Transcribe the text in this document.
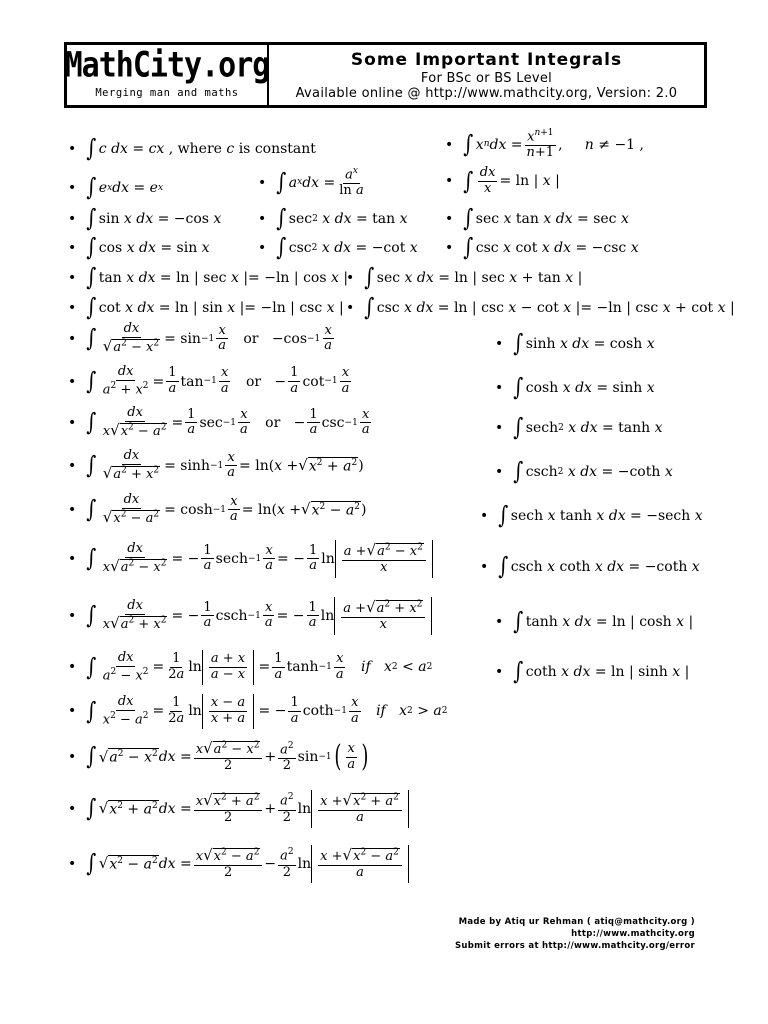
MathCity.org
Merging man and maths
Some Important Integrals
For BSc or BS Level
Available online @ http://www.mathcity.org, Version: 2.0
• ∫ c
dx = cx , where c is constant	• ∫ x n dx = $\frac{x^{n+1}}{n+1}$ , n ≠ −1 ,
• ∫ e x dx = e x	• ∫ a x dx = $\frac{a^x}{\text{ln a}}$	• ∫ $\frac{dx}{x} = \ln$ | x |
• ∫ sin x
dx = −cos x	• ∫ sec 2
x
dx = tan x	• ∫ sec x tan x
dx = sec x
• ∫ cos x
dx = sin x	• ∫ csc 2
x
dx = −cot x • ∫ csc x cot x
dx = −csc x
• ∫ tan x
dx = ln | sec x |= −ln | cos x |
• ∫ sec x
dx = ln | sec x + tan x |
• ∫ cot x
dx = ln | sin x |= −ln | csc x | • ∫ csc x
dx = ln | csc x − cot x |= −ln | csc x + cot x |
• ∫ $\frac{dx}{√a^2 - x^2} = \sin -1 \frac{x}{a}$ or   $-\cos -1 \frac{x}{a}$	• ∫ sinh x
dx = cosh x
• ∫ $\frac{dx}{a^2 + x^2} = \frac{1}{a}$ $\tan -1 \frac{x}{a}$ or   − $\frac{1}{a}$ $\cot -1 \frac{x}{a}$	• ∫ cosh x
dx = sinh x
• ∫ $\frac{dx}{x√x^2 - a^2} = \frac{1}{a}$ $\sec -1 \frac{x}{a}$ or   − $\frac{1}{a}$ $\csc -1 \frac{x}{a}$	• ∫ sech 2
x
dx = tanh x
• ∫ $\frac{dx}{√a^2 + x^2} = \sinh -1 \frac{x}{a} = \ln$( x + √ $x^2 + a^2$ )	• ∫ csch 2
x
dx = −coth x
• ∫ $\frac{dx}{√x^2 - a^2} = \cosh -1 \frac{x}{a} = \ln$( x + √ $x^2 - a^2$ )	• ∫ sech x tanh x
dx = −sech x
• ∫ $\frac{dx}{x√a^2 - x^2}$ = − $\frac{1}{a}$ $\sec h -1 \frac{x}{a}$ = − $\frac{1}{a}$ $\ln \frac{a +√a^2 - x^2}{x}$	• ∫ csch x coth x
dx = −coth x
• ∫ $\frac{dx}{x√a^2 + x^2}$ = − $\frac{1}{a}$ $\csc h -1 \frac{x}{a}$ = − $\frac{1}{a}$ $\ln \frac{a +√a^2 + x^2}{x}$	• ∫ tanh x
dx = ln | cosh x |
• ∫ $\frac{dx}{a^2 - x^2} = \frac{1}{2a}$ $\ln \frac{a + x}{a - x} = \frac{1}{a}$ $\tanh -1 \frac{x}{a}$
if
x 2 < a 2	• ∫ coth x
dx = ln | sinh x |
• ∫ $\frac{dx}{x^2 - a^2} = \frac{1}{2a}$ $\ln \frac{x - a}{x + a}$ = − $\frac{1}{a}$ $\cot h -1 \frac{x}{a}$
if
x 2 > a 2
• ∫ √ $a^2 - x^2$ dx = $\frac{x√a^2 - x^2}{2} + \frac{a^2}{2}$ sin −1 ( $\frac{x}{a}$ )
• ∫ √ $x^2 + a^2$ dx = $\frac{x√x^2 + a^2}{2} + \frac{a^2}{2}$ $\ln \frac{x +√x^2 + a^2}{a}$
• ∫ √ $x^2 - a^2$ dx = $\frac{x√x^2 - a^2}{2} - \frac{a^2}{2}$ $\ln \frac{x +√x^2 - a^2}{a}$
Made by Atiq ur Rehman ( atiq@mathcity.org )
http://www.mathcity.org
Submit errors at http://www.mathcity.org/error
